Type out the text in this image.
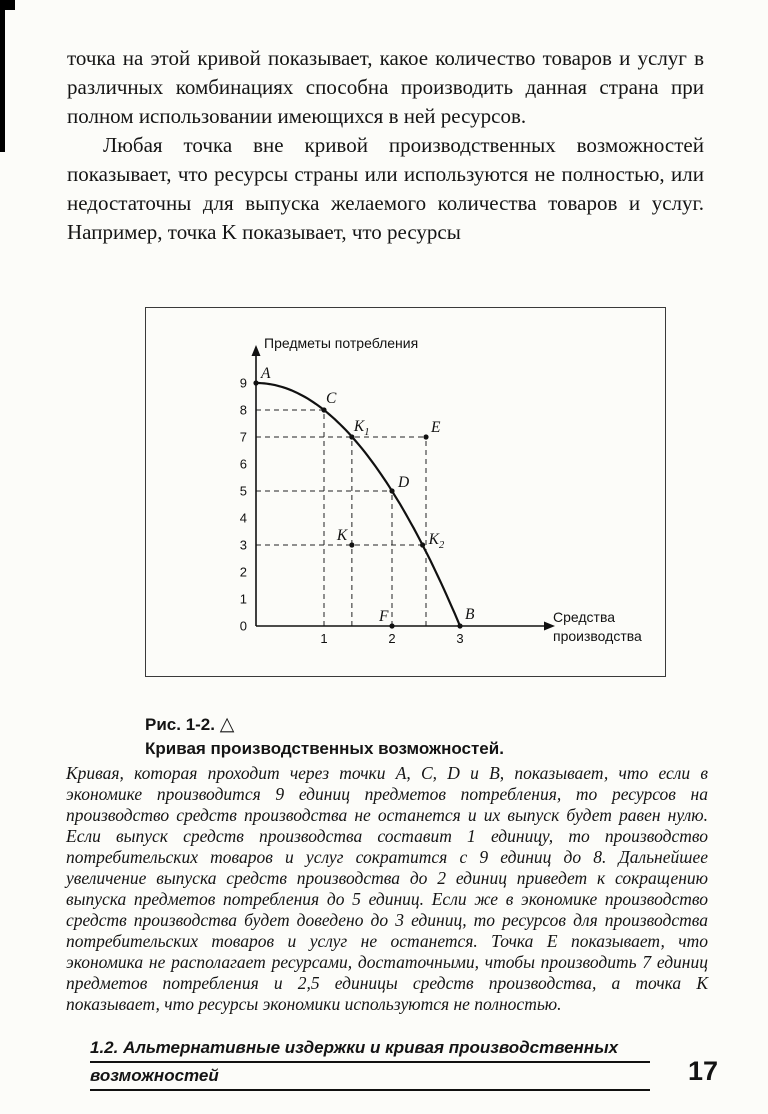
точка на этой кривой показывает, какое количество товаров и услуг в различных комбинациях способна производить данная страна при полном использовании имеющихся в ней ресурсов.

Любая точка вне кривой производственных возможностей показывает, что ресурсы страны или используются не полностью, или недостаточны для выпуска желаемого количества товаров и услуг. Например, точка K показывает, что ресурсы

Предметы потребления
Средства
производства
0
1
2
3
4
5
6
7
8
9
1	2	3
A
C
$K_1$	E
D
K	$K_2$
F	B
Рис. 1-2. △
Кривая производственных возможностей.
Кривая, которая проходит через точки A, C, D и B, показывает, что если в экономике производится 9 единиц предметов потребления, то ресурсов на производство средств производства не останется и их выпуск будет равен нулю. Если выпуск средств производства составит 1 единицу, то производство потребительских товаров и услуг сократится с 9 единиц до 8. Дальнейшее увеличение выпуска средств производства до 2 единиц приведет к сокращению выпуска предметов потребления до 5 единиц. Если же в экономике производство средств производства будет доведено до 3 единиц, то ресурсов для производства потребительских товаров и услуг не останется. Точка E показывает, что экономика не располагает ресурсами, достаточными, чтобы производить 7 единиц предметов потребления и 2,5 единицы средств производства, а точка K показывает, что ресурсы экономики используются не полностью.
1.2. Альтернативные издержки и кривая производственных
возможностей	17
